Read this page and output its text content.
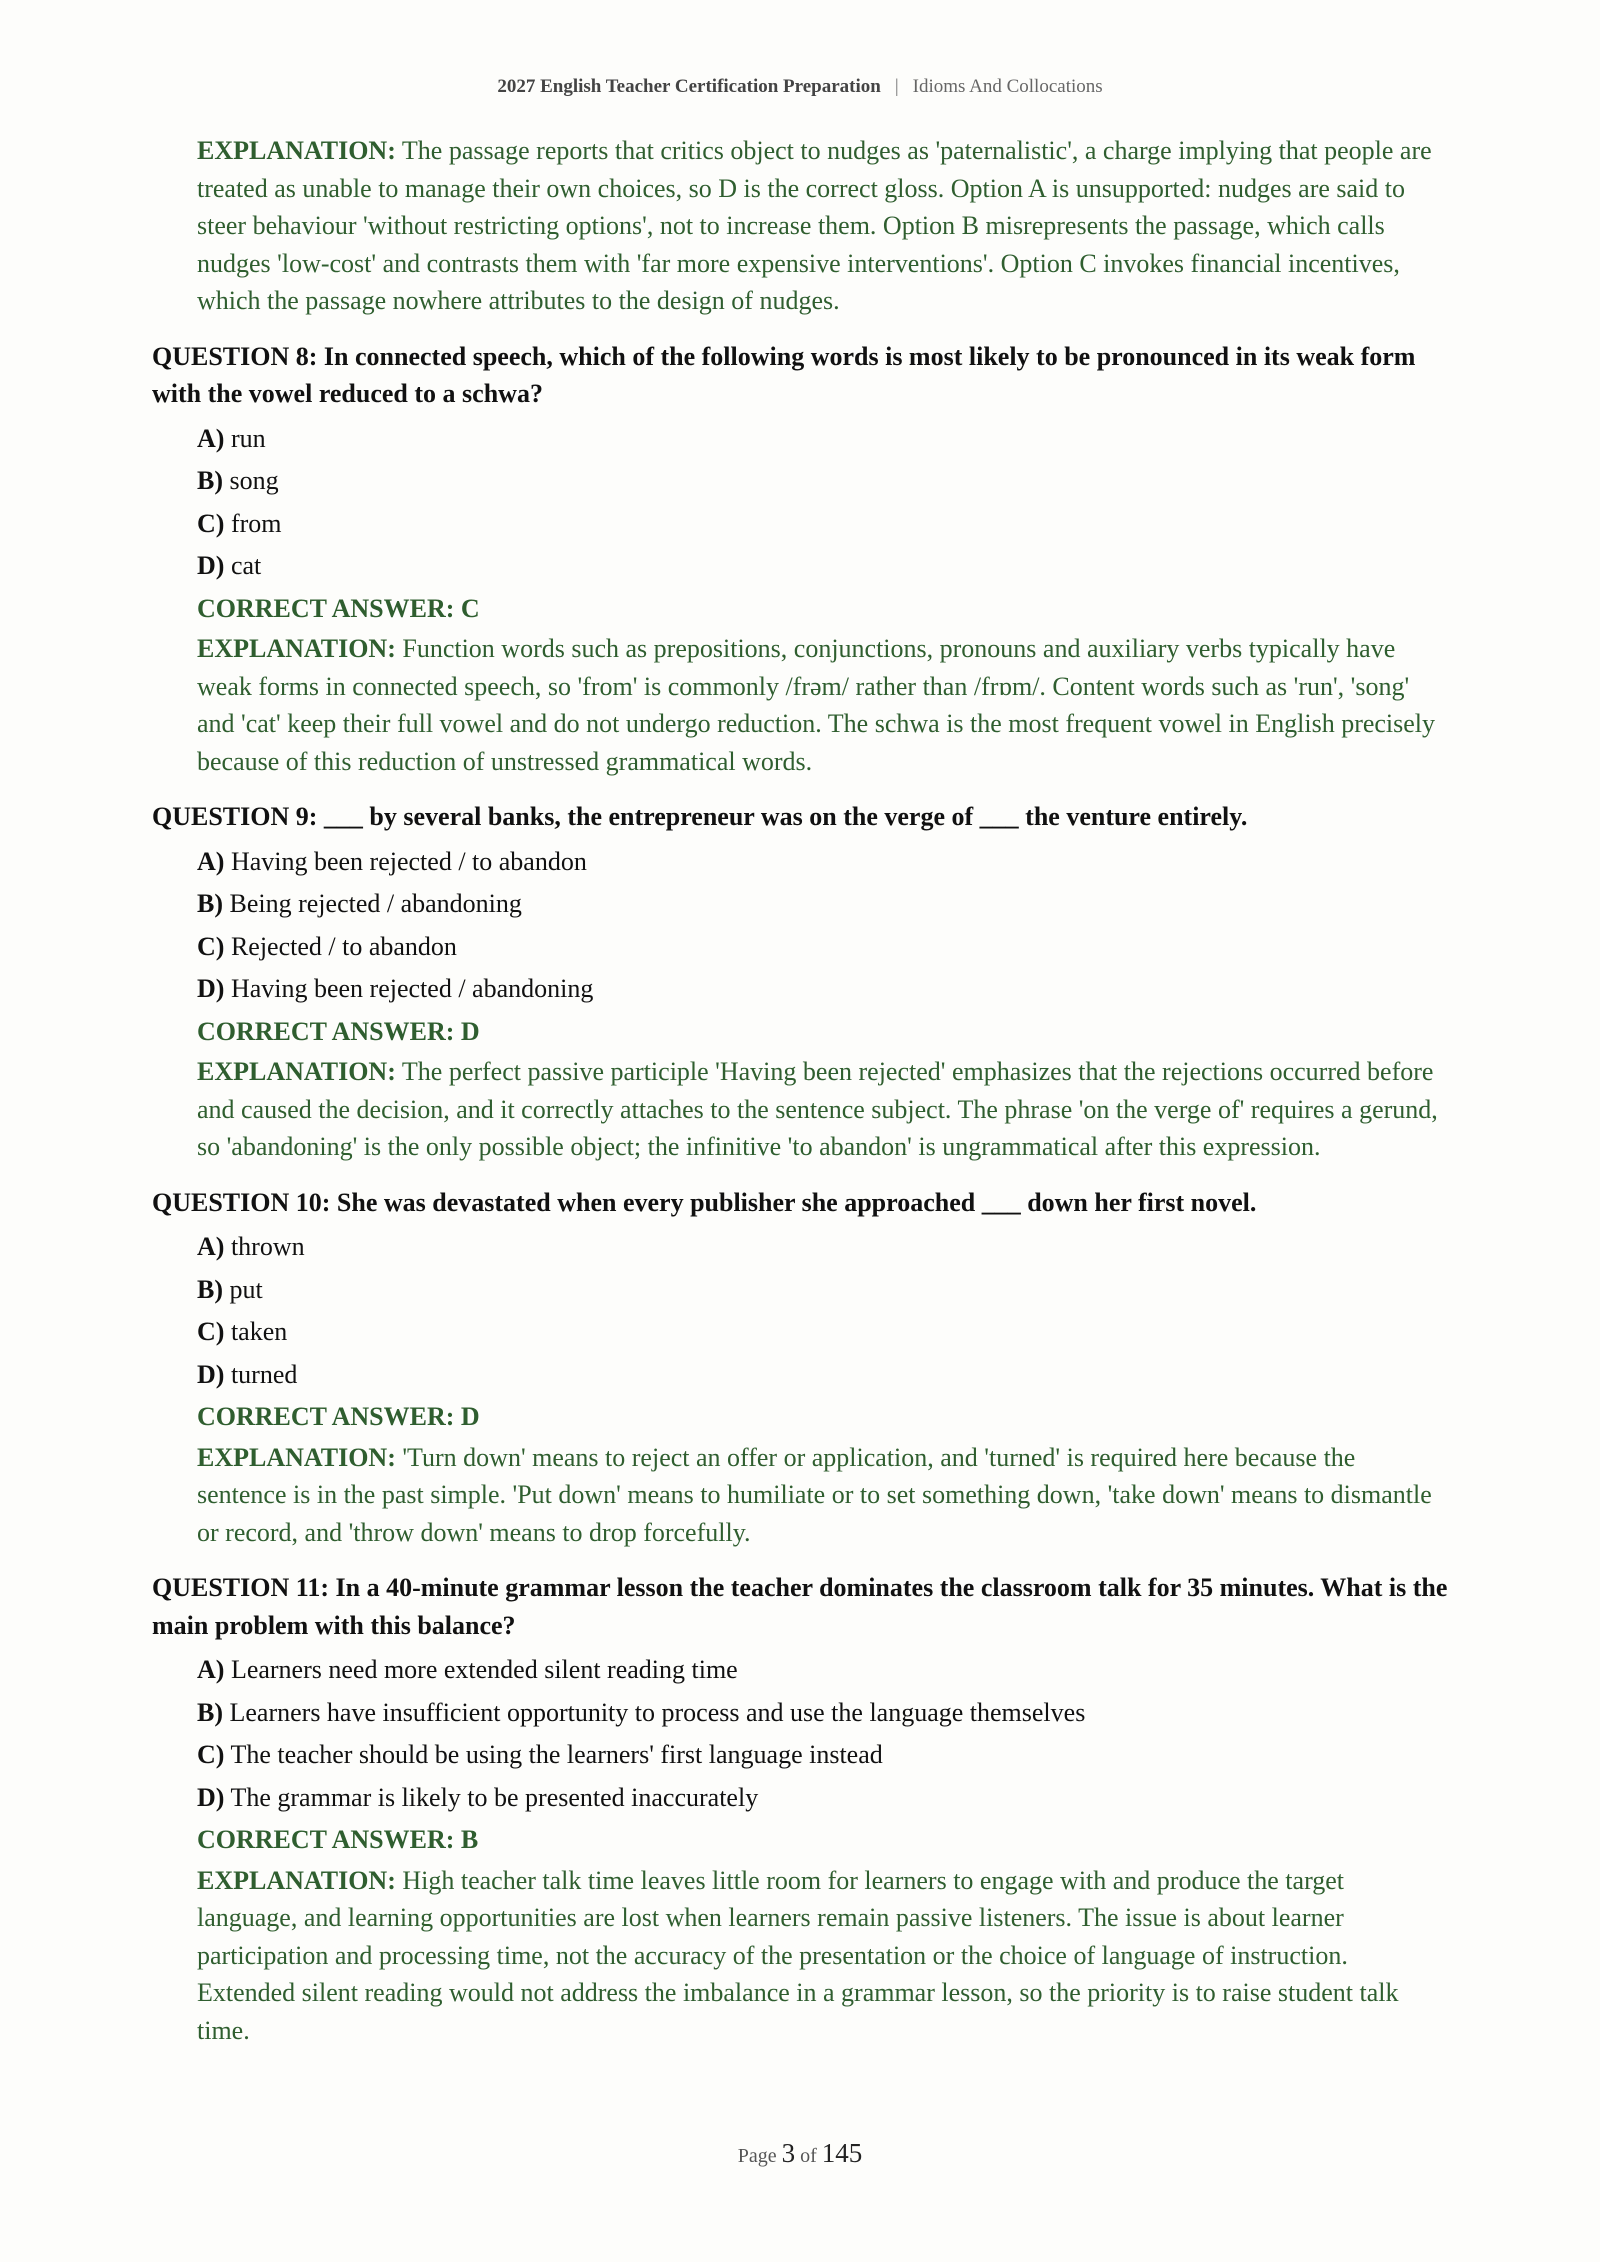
2027 English Teacher Certification Preparation | Idioms And Collocations
EXPLANATION: The passage reports that critics object to nudges as 'paternalistic', a charge implying that people are treated as unable to manage their own choices, so D is the correct gloss. Option A is unsupported: nudges are said to steer behaviour 'without restricting options', not to increase them. Option B misrepresents the passage, which calls nudges 'low-cost' and contrasts them with 'far more expensive interventions'. Option C invokes financial incentives, which the passage nowhere attributes to the design of nudges.
QUESTION 8: In connected speech, which of the following words is most likely to be pronounced in its weak form with the vowel reduced to a schwa?
A) run
B) song
C) from
D) cat
CORRECT ANSWER: C
EXPLANATION: Function words such as prepositions, conjunctions, pronouns and auxiliary verbs typically have weak forms in connected speech, so 'from' is commonly /frəm/ rather than /frɒm/. Content words such as 'run', 'song' and 'cat' keep their full vowel and do not undergo reduction. The schwa is the most frequent vowel in English precisely because of this reduction of unstressed grammatical words.
QUESTION 9: ___ by several banks, the entrepreneur was on the verge of ___ the venture entirely.
A) Having been rejected / to abandon
B) Being rejected / abandoning
C) Rejected / to abandon
D) Having been rejected / abandoning
CORRECT ANSWER: D
EXPLANATION: The perfect passive participle 'Having been rejected' emphasizes that the rejections occurred before and caused the decision, and it correctly attaches to the sentence subject. The phrase 'on the verge of' requires a gerund, so 'abandoning' is the only possible object; the infinitive 'to abandon' is ungrammatical after this expression.
QUESTION 10: She was devastated when every publisher she approached ___ down her first novel.
A) thrown
B) put
C) taken
D) turned
CORRECT ANSWER: D
EXPLANATION: 'Turn down' means to reject an offer or application, and 'turned' is required here because the sentence is in the past simple. 'Put down' means to humiliate or to set something down, 'take down' means to dismantle or record, and 'throw down' means to drop forcefully.
QUESTION 11: In a 40-minute grammar lesson the teacher dominates the classroom talk for 35 minutes. What is the main problem with this balance?
A) Learners need more extended silent reading time
B) Learners have insufficient opportunity to process and use the language themselves
C) The teacher should be using the learners' first language instead
D) The grammar is likely to be presented inaccurately
CORRECT ANSWER: B
EXPLANATION: High teacher talk time leaves little room for learners to engage with and produce the target language, and learning opportunities are lost when learners remain passive listeners. The issue is about learner participation and processing time, not the accuracy of the presentation or the choice of language of instruction. Extended silent reading would not address the imbalance in a grammar lesson, so the priority is to raise student talk time.
Page 3 of 145
